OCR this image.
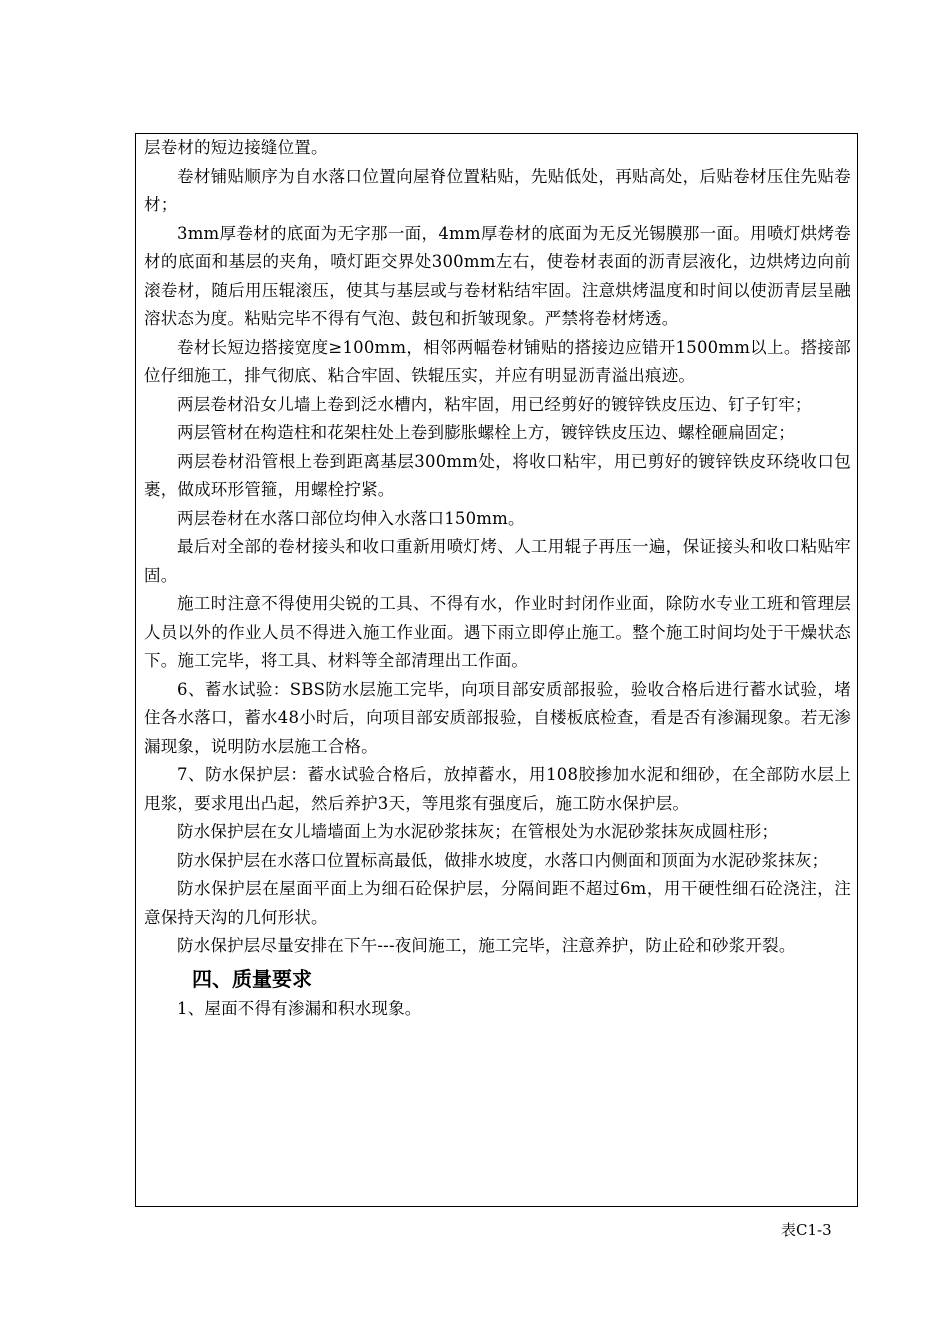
层卷材的短边接缝位置。

卷材铺贴顺序为自水落口位置向屋脊位置粘贴，先贴低处，再贴高处，后贴卷材压住先贴卷材；

3mm厚卷材的底面为无字那一面，4mm厚卷材的底面为无反光锡膜那一面。用喷灯烘烤卷材的底面和基层的夹角，喷灯距交界处300mm左右，使卷材表面的沥青层液化，边烘烤边向前滚卷材，随后用压辊滚压，使其与基层或与卷材粘结牢固。注意烘烤温度和时间以使沥青层呈融溶状态为度。粘贴完毕不得有气泡、鼓包和折皱现象。严禁将卷材烤透。

卷材长短边搭接宽度≥100mm，相邻两幅卷材铺贴的搭接边应错开1500mm以上。搭接部位仔细施工，排气彻底、粘合牢固、铁辊压实，并应有明显沥青溢出痕迹。

两层卷材沿女儿墙上卷到泛水槽内，粘牢固，用已经剪好的镀锌铁皮压边、钉子钉牢；

两层管材在构造柱和花架柱处上卷到膨胀螺栓上方，镀锌铁皮压边、螺栓砸扁固定；

两层卷材沿管根上卷到距离基层300mm处，将收口粘牢，用已剪好的镀锌铁皮环绕收口包裹，做成环形管箍，用螺栓拧紧。

两层卷材在水落口部位均伸入水落口150mm。

最后对全部的卷材接头和收口重新用喷灯烤、人工用辊子再压一遍，保证接头和收口粘贴牢固。

施工时注意不得使用尖锐的工具、不得有水，作业时封闭作业面，除防水专业工班和管理层人员以外的作业人员不得进入施工作业面。遇下雨立即停止施工。整个施工时间均处于干燥状态下。施工完毕，将工具、材料等全部清理出工作面。

6、蓄水试验：SBS防水层施工完毕，向项目部安质部报验，验收合格后进行蓄水试验，堵住各水落口，蓄水48小时后，向项目部安质部报验，自楼板底检查，看是否有渗漏现象。若无渗漏现象，说明防水层施工合格。

7、防水保护层：蓄水试验合格后，放掉蓄水，用108胶掺加水泥和细砂，在全部防水层上甩浆，要求甩出凸起，然后养护3天，等甩浆有强度后，施工防水保护层。

防水保护层在女儿墙墙面上为水泥砂浆抹灰；在管根处为水泥砂浆抹灰成圆柱形；

防水保护层在水落口位置标高最低，做排水坡度，水落口内侧面和顶面为水泥砂浆抹灰；

防水保护层在屋面平面上为细石砼保护层，分隔间距不超过6m，用干硬性细石砼浇注，注意保持天沟的几何形状。

防水保护层尽量安排在下午---夜间施工，施工完毕，注意养护，防止砼和砂浆开裂。

四、质量要求

1、屋面不得有渗漏和积水现象。

表C1-3
